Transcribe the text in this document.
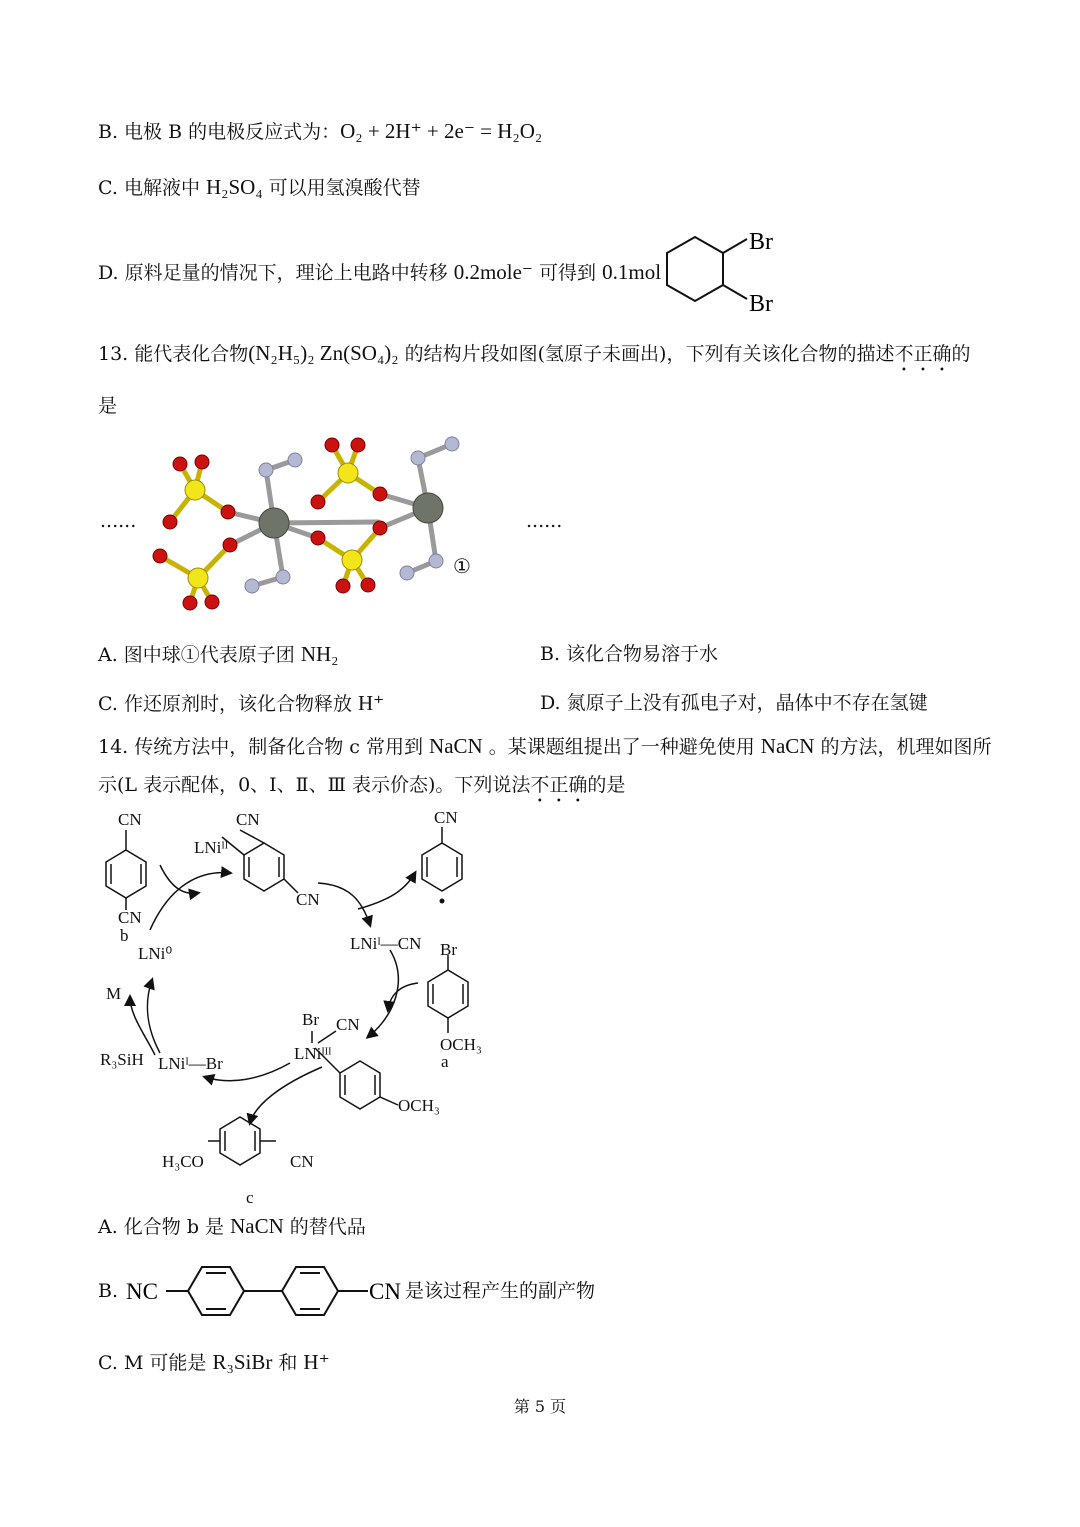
B. 电极 B 的电极反应式为：O₂ + 2H⁺ + 2e⁻ = H₂O₂
C. 电解液中 H₂SO₄ 可以用氢溴酸代替
D. 原料足量的情况下，理论上电路中转移 0.2mole⁻ 可得到 0.1mol
Br
Br
13. 能代表化合物(N₂H₅)₂ Zn(SO₄)₂ 的结构片段如图(氢原子未画出)，下列有关该化合物的描述不正确的
是
......	......
①
A. 图中球①代表原子团 NH₂	B. 该化合物易溶于水
C. 作还原剂时，该化合物释放 H⁺	D. 氮原子上没有孤电子对，晶体中不存在氢键
14. 传统方法中，制备化合物 c 常用到 NaCN 。某课题组提出了一种避免使用 NaCN 的方法，机理如图所
示(L 表示配体，0、I、Ⅱ、Ⅲ 表示价态)。下列说法不正确的是
CN
CN
b
LNi⁰
LNiᴵᴵ
CN
CN
CN
LNiᴵ—CN Br
OCH₃
a
Br CN
LNiᴵᴵᴵ
OCH₃
M
R₃SiH LNiᴵ—Br
H₃CO	CN
c
A. 化合物 b 是 NaCN 的替代品
B. NC	CN 是该过程产生的副产物
C. M 可能是 R₃SiBr 和 H⁺
第 5 页
